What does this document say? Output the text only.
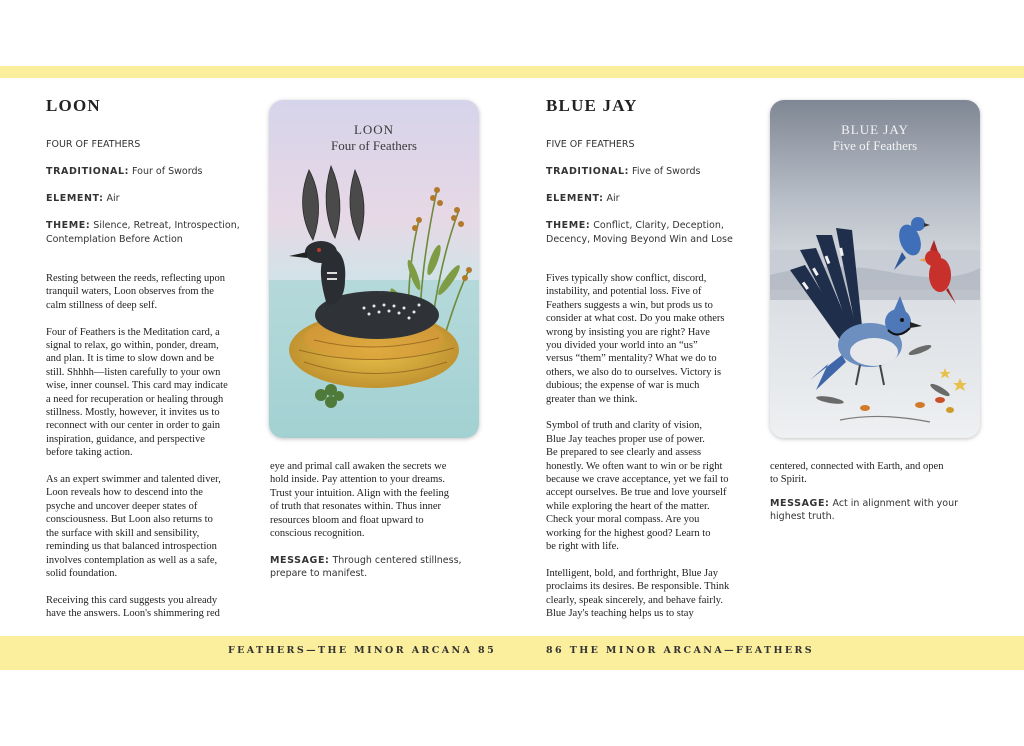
LOON
FOUR OF FEATHERS
TRADITIONAL: Four of Swords
ELEMENT: Air
THEME: Silence, Retreat, Introspection,
Contemplation Before Action
Resting between the reeds, reflecting upon
tranquil waters, Loon observes from the
calm stillness of deep self.
Four of Feathers is the Meditation card, a
signal to relax, go within, ponder, dream,
and plan. It is time to slow down and be
still. Shhhh—listen carefully to your own
wise, inner counsel. This card may indicate
a need for recuperation or healing through
stillness. Mostly, however, it invites us to
reconnect with our center in order to gain
inspiration, guidance, and perspective
before taking action.
As an expert swimmer and talented diver,
Loon reveals how to descend into the
psyche and uncover deeper states of
consciousness. But Loon also returns to
the surface with skill and sensibility,
reminding us that balanced introspection
involves contemplation as well as a safe,
solid foundation.
Receiving this card suggests you already
have the answers. Loon's shimmering red
eye and primal call awaken the secrets we
hold inside. Pay attention to your dreams.
Trust your intuition. Align with the feeling
of truth that resonates within. Thus inner
resources bloom and float upward to
conscious recognition.
MESSAGE: Through centered stillness,
prepare to manifest.
LOON
Four of Feathers
FEATHERS—THE MINOR ARCANA 85
BLUE JAY
FIVE OF FEATHERS
TRADITIONAL: Five of Swords
ELEMENT: Air
THEME: Conflict, Clarity, Deception,
Decency, Moving Beyond Win and Lose
Fives typically show conflict, discord,
instability, and potential loss. Five of
Feathers suggests a win, but prods us to
consider at what cost. Do you make others
wrong by insisting you are right? Have
you divided your world into an “us”
versus “them” mentality? What we do to
others, we also do to ourselves. Victory is
dubious; the expense of war is much
greater than we think.
Symbol of truth and clarity of vision,
Blue Jay teaches proper use of power.
Be prepared to see clearly and assess
honestly. We often want to win or be right
because we crave acceptance, yet we fail to
accept ourselves. Be true and love yourself
while exploring the heart of the matter.
Check your moral compass. Are you
working for the highest good? Learn to
be right with life.
Intelligent, bold, and forthright, Blue Jay
proclaims its desires. Be responsible. Think
clearly, speak sincerely, and behave fairly.
Blue Jay's teaching helps us to stay
centered, connected with Earth, and open
to Spirit.
MESSAGE: Act in alignment with your
highest truth.
BLUE JAY
Five of Feathers
86 THE MINOR ARCANA—FEATHERS
